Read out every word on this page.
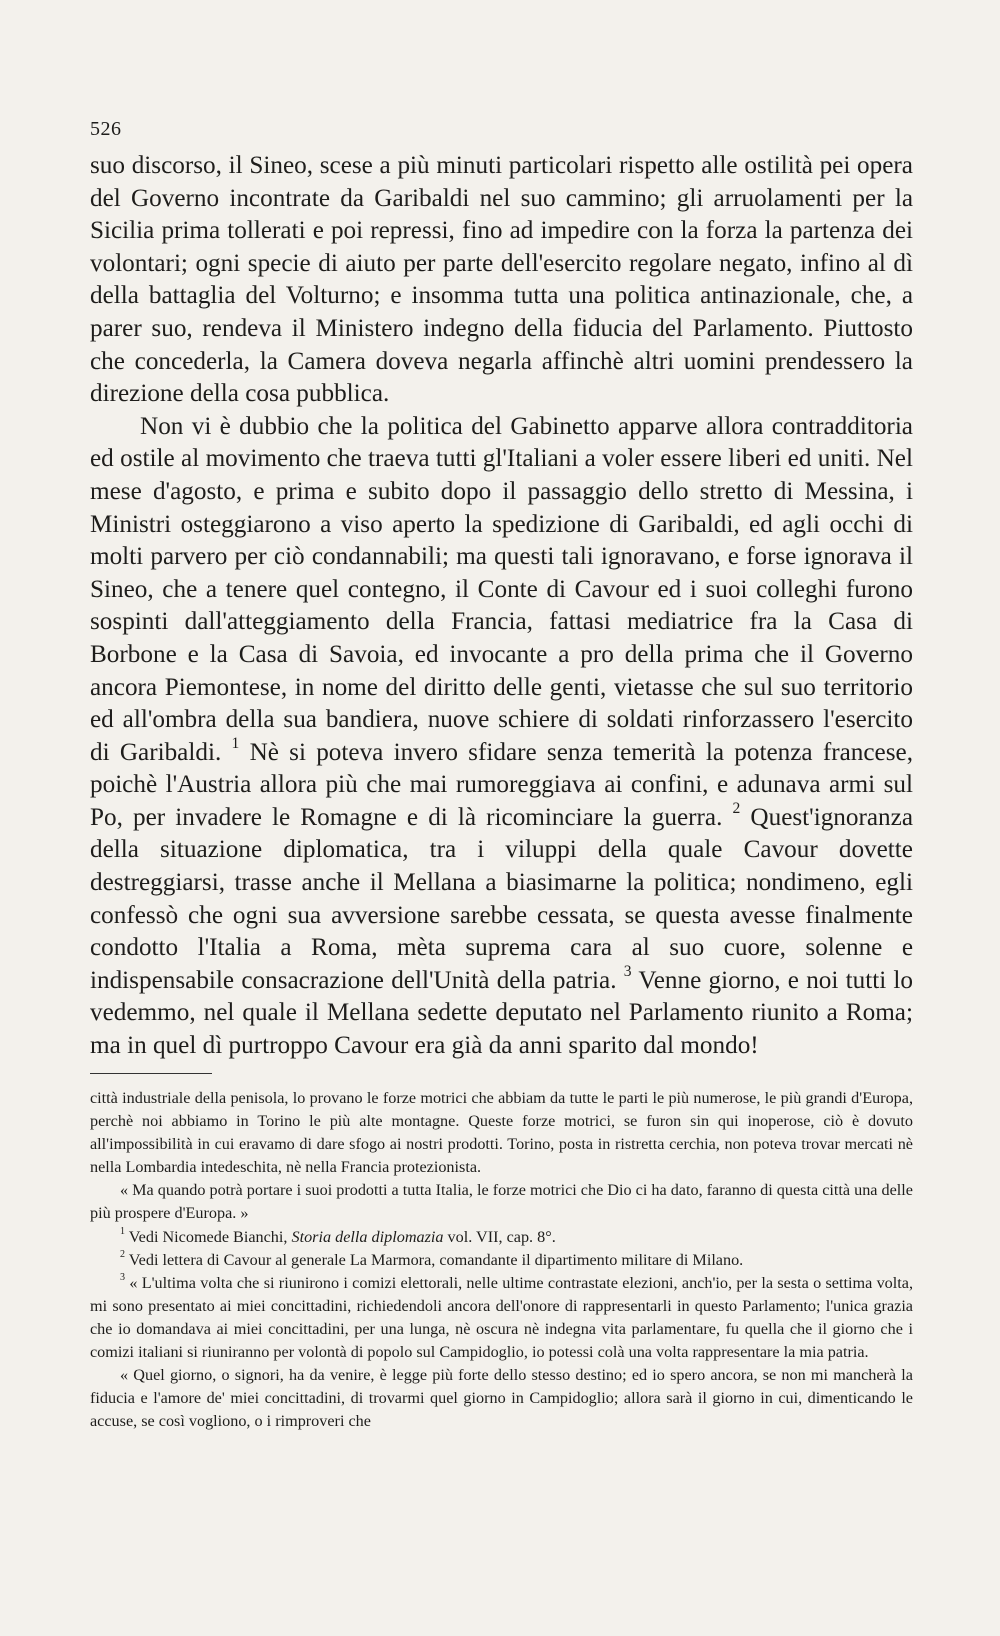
526

suo discorso, il Sineo, scese a più minuti particolari rispetto alle ostilità pei opera del Governo incontrate da Garibaldi nel suo cammino; gli arruolamenti per la Sicilia prima tollerati e poi repressi, fino ad impedire con la forza la partenza dei volontari; ogni specie di aiuto per parte dell'esercito regolare negato, infino al dì della battaglia del Volturno; e insomma tutta una politica antinazionale, che, a parer suo, rendeva il Ministero indegno della fiducia del Parlamento. Piuttosto che concederla, la Camera doveva negarla affinchè altri uomini prendessero la direzione della cosa pubblica.

Non vi è dubbio che la politica del Gabinetto apparve allora contradditoria ed ostile al movimento che traeva tutti gl'Italiani a voler essere liberi ed uniti. Nel mese d'agosto, e prima e subito dopo il passaggio dello stretto di Messina, i Ministri osteggiarono a viso aperto la spedizione di Garibaldi, ed agli occhi di molti parvero per ciò condannabili; ma questi tali ignoravano, e forse ignorava il Sineo, che a tenere quel contegno, il Conte di Cavour ed i suoi colleghi furono sospinti dall'atteggiamento della Francia, fattasi mediatrice fra la Casa di Borbone e la Casa di Savoia, ed invocante a pro della prima che il Governo ancora Piemontese, in nome del diritto delle genti, vietasse che sul suo territorio ed all'ombra della sua bandiera, nuove schiere di soldati rinforzassero l'esercito di Garibaldi. $^1$ Nè si poteva invero sfidare senza temerità la potenza francese, poichè l'Austria allora più che mai rumoreggiava ai confini, e adunava armi sul Po, per invadere le Romagne e di là ricominciare la guerra. $^2$ Quest'ignoranza della situazione diplomatica, tra i viluppi della quale Cavour dovette destreggiarsi, trasse anche il Mellana a biasimarne la politica; nondimeno, egli confessò che ogni sua avversione sarebbe cessata, se questa avesse finalmente condotto l'Italia a Roma, mèta suprema cara al suo cuore, solenne e indispensabile consacrazione dell'Unità della patria. $^3$ Venne giorno, e noi tutti lo vedemmo, nel quale il Mellana sedette deputato nel Parlamento riunito a Roma; ma in quel dì purtroppo Cavour era già da anni sparito dal mondo!

città industriale della penisola, lo provano le forze motrici che abbiam da tutte le parti le più numerose, le più grandi d'Europa, perchè noi abbiamo in Torino le più alte montagne. Queste forze motrici, se furon sin qui inoperose, ciò è dovuto all'impossibilità in cui eravamo di dare sfogo ai nostri prodotti. Torino, posta in ristretta cerchia, non poteva trovar mercati nè nella Lombardia intedeschita, nè nella Francia protezionista.

« Ma quando potrà portare i suoi prodotti a tutta Italia, le forze motrici che Dio ci ha dato, faranno di questa città una delle più prospere d'Europa. »

$^1$ Vedi Nicomede Bianchi, Storia della diplomazia vol. VII, cap. 8°.

$^2$ Vedi lettera di Cavour al generale La Marmora, comandante il dipartimento militare di Milano.

$^3$ « L'ultima volta che si riunirono i comizi elettorali, nelle ultime contrastate elezioni, anch'io, per la sesta o settima volta, mi sono presentato ai miei concittadini, richiedendoli ancora dell'onore di rappresentarli in questo Parlamento; l'unica grazia che io domandava ai miei concittadini, per una lunga, nè oscura nè indegna vita parlamentare, fu quella che il giorno che i comizi italiani si riuniranno per volontà di popolo sul Campidoglio, io potessi colà una volta rappresentare la mia patria.

« Quel giorno, o signori, ha da venire, è legge più forte dello stesso destino; ed io spero ancora, se non mi mancherà la fiducia e l'amore de' miei concittadini, di trovarmi quel giorno in Campidoglio; allora sarà il giorno in cui, dimenticando le accuse, se così vogliono, o i rimproveri che
